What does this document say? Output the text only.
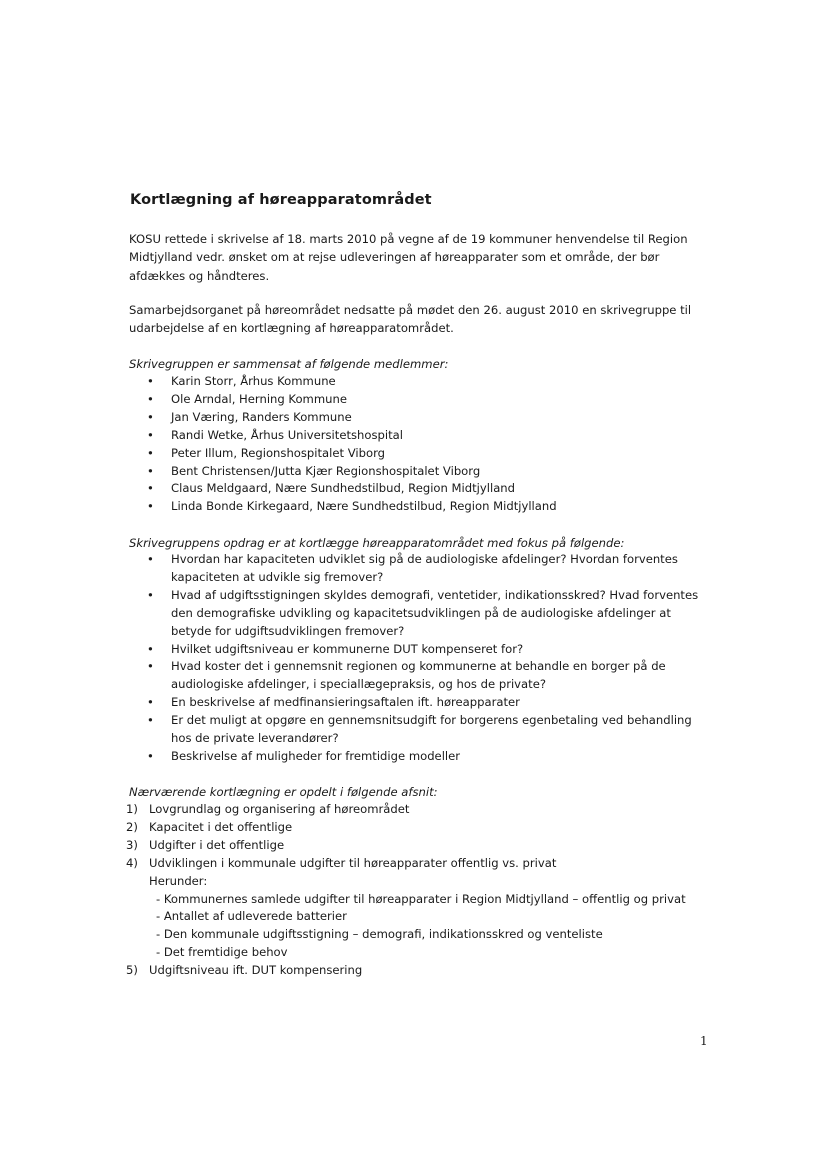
Kortlægning af høreapparatområdet
KOSU rettede i skrivelse af 18. marts 2010 på vegne af de 19 kommuner henvendelse til Region Midtjylland vedr. ønsket om at rejse udleveringen af høreapparater som et område, der bør afdækkes og håndteres.
Samarbejdsorganet på høreområdet nedsatte på mødet den 26. august 2010 en skrivegruppe til udarbejdelse af en kortlægning af høreapparatområdet.
Skrivegruppen er sammensat af følgende medlemmer:
• Karin Storr, Århus Kommune
• Ole Arndal, Herning Kommune
• Jan Væring, Randers Kommune
• Randi Wetke, Århus Universitetshospital
• Peter Illum, Regionshospitalet Viborg
• Bent Christensen/Jutta Kjær Regionshospitalet Viborg
• Claus Meldgaard, Nære Sundhedstilbud, Region Midtjylland
• Linda Bonde Kirkegaard, Nære Sundhedstilbud, Region Midtjylland
Skrivegruppens opdrag er at kortlægge høreapparatområdet med fokus på følgende:
• Hvordan har kapaciteten udviklet sig på de audiologiske afdelinger? Hvordan forventes kapaciteten at udvikle sig fremover?
• Hvad af udgiftsstigningen skyldes demografi, ventetider, indikationsskred? Hvad forventes den demografiske udvikling og kapacitetsudviklingen på de audiologiske afdelinger at betyde for udgiftsudviklingen fremover?
• Hvilket udgiftsniveau er kommunerne DUT kompenseret for?
• Hvad koster det i gennemsnit regionen og kommunerne at behandle en borger på de audiologiske afdelinger, i speciallægepraksis, og hos de private?
• En beskrivelse af medfinansieringsaftalen ift. høreapparater
• Er det muligt at opgøre en gennemsnitsudgift for borgerens egenbetaling ved behandling hos de private leverandører?
• Beskrivelse af muligheder for fremtidige modeller
Nærværende kortlægning er opdelt i følgende afsnit:
1) Lovgrundlag og organisering af høreområdet
2) Kapacitet i det offentlige
3) Udgifter i det offentlige
4) Udviklingen i kommunale udgifter til høreapparater offentlig vs. privat
Herunder:
- Kommunernes samlede udgifter til høreapparater i Region Midtjylland – offentlig og privat
- Antallet af udleverede batterier
- Den kommunale udgiftsstigning – demografi, indikationsskred og venteliste
- Det fremtidige behov
5) Udgiftsniveau ift. DUT kompensering
1
